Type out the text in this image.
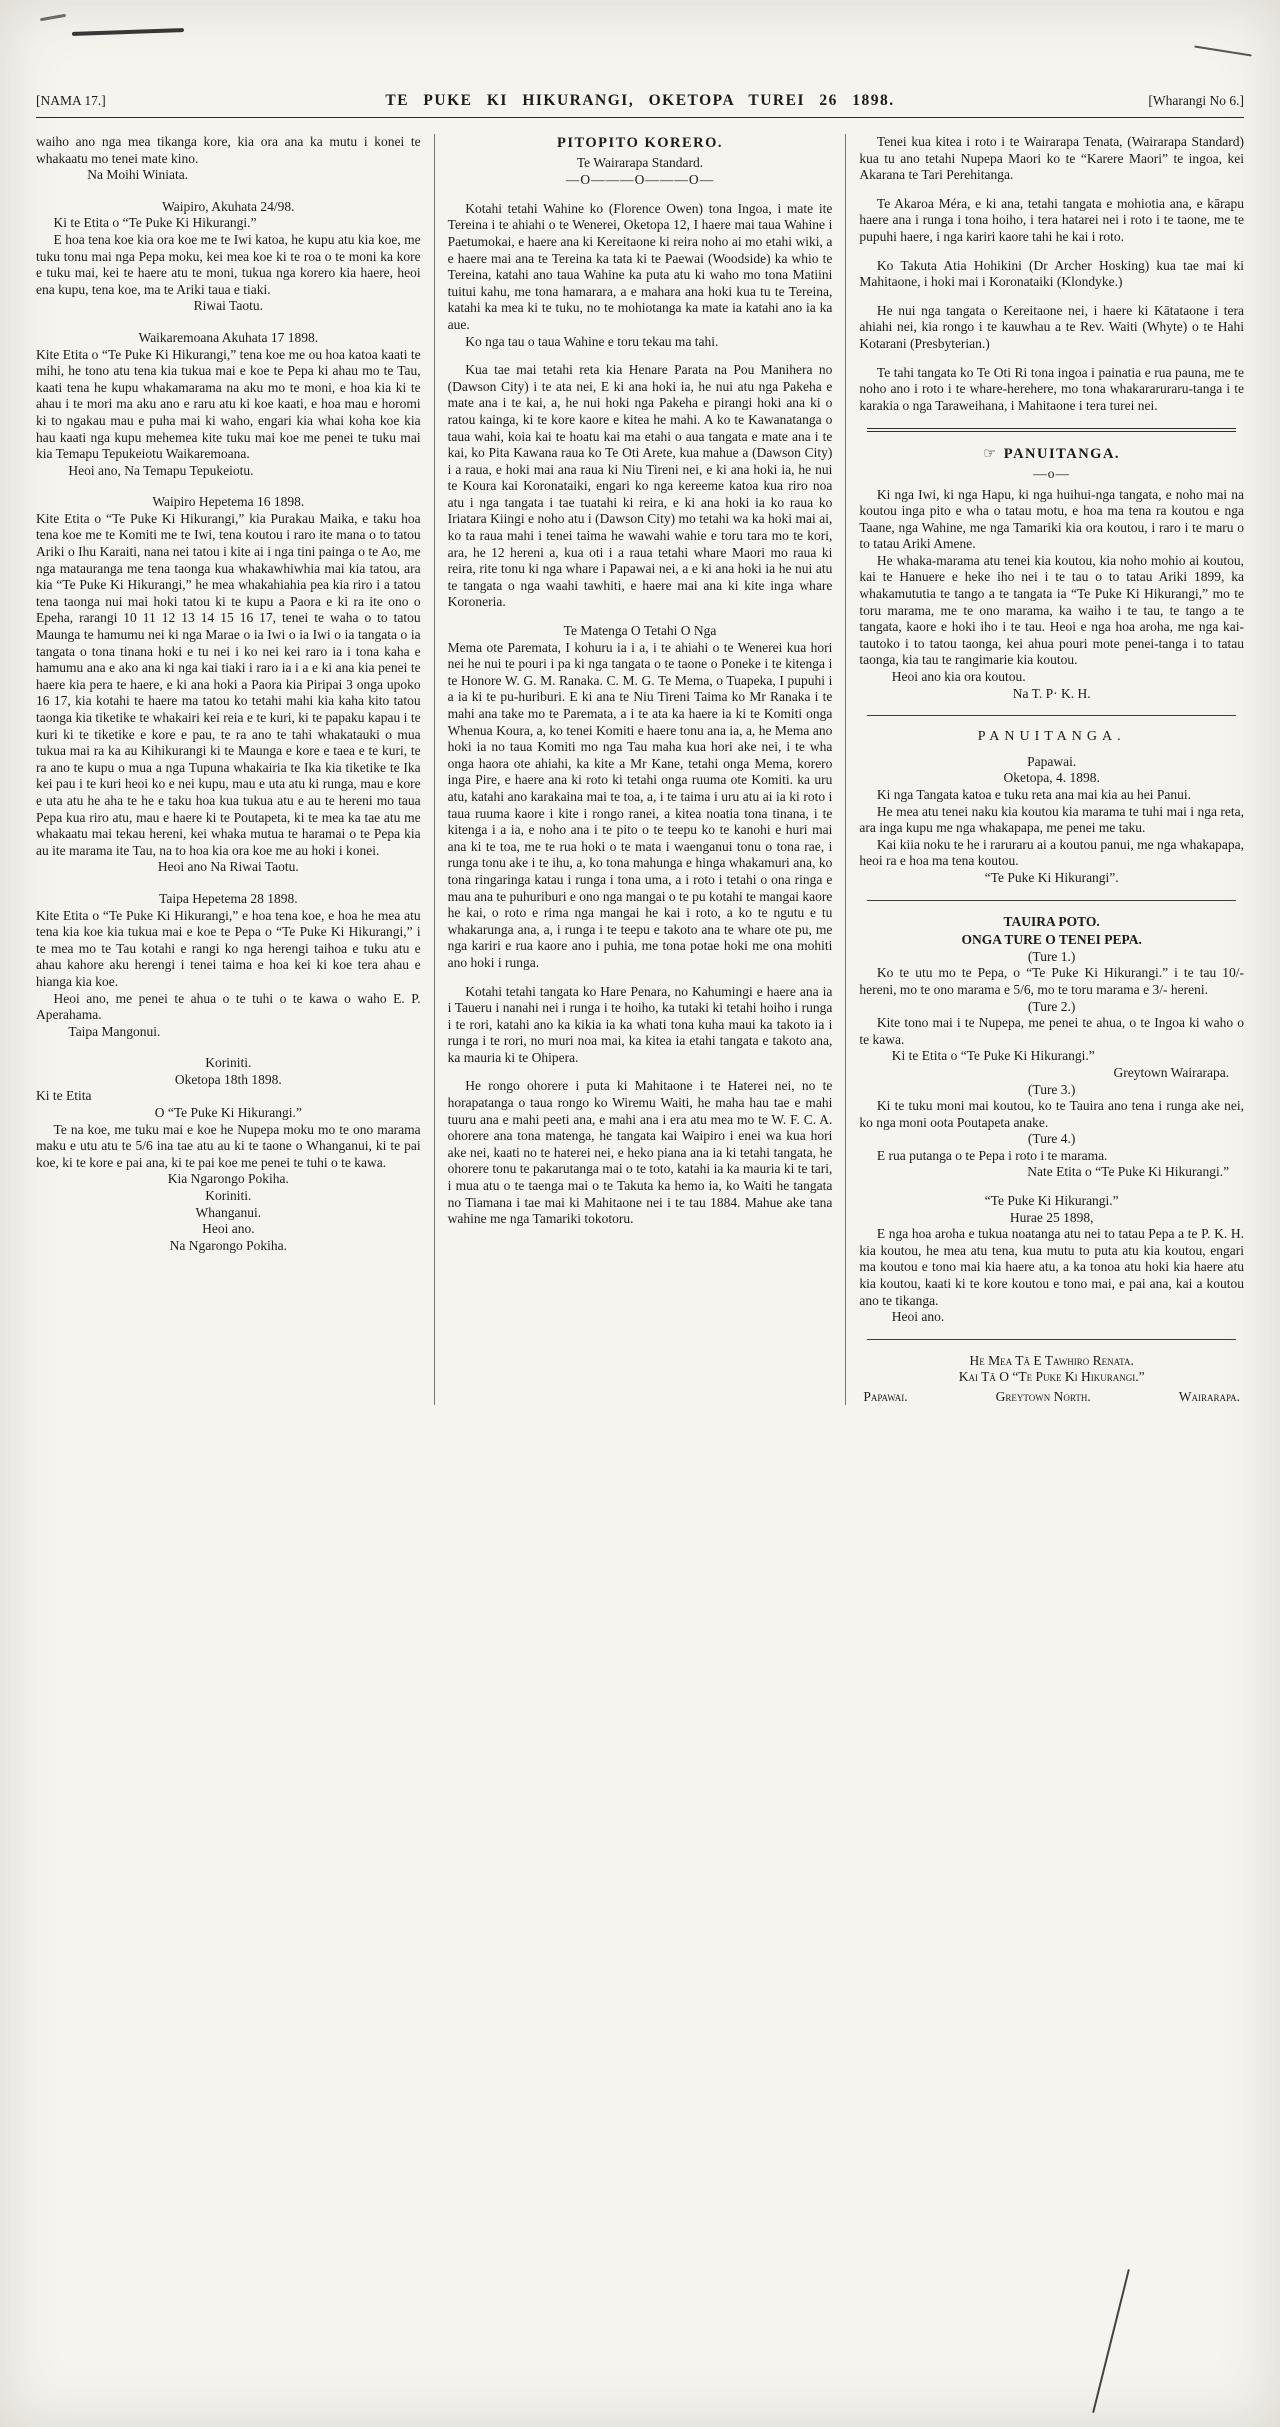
[NAMA 17.]	TE PUKE KI HIKURANGI, OKETOPA TUREI 26 1898.	[Wharangi No 6.]

waiho ano nga mea tikanga kore, kia ora ana ka mutu i konei te whakaatu mo tenei mate kino.

Na Moihi Winiata.

Waipiro, Akuhata 24/98.

Ki te Etita o “Te Puke Ki Hikurangi.”

E hoa tena koe kia ora koe me te Iwi katoa, he kupu atu kia koe, me tuku tonu mai nga Pepa moku, kei mea koe ki te roa o te moni ka kore e tuku mai, kei te haere atu te moni, tukua nga korero kia haere, heoi ena kupu, tena koe, ma te Ariki taua e tiaki.

Riwai Taotu.

Waikaremoana Akuhata 17 1898.

Kite Etita o “Te Puke Ki Hikurangi,” tena koe me ou hoa katoa kaati te mihi, he tono atu tena kia tukua mai e koe te Pepa ki ahau mo te Tau, kaati tena he kupu whakamarama na aku mo te moni, e hoa kia ki te ahau i te mori ma aku ano e raru atu ki koe kaati, e hoa mau e horomi ki to ngakau mau e puha mai ki waho, engari kia whai koha koe kia hau kaati nga kupu mehemea kite tuku mai koe me penei te tuku mai kia Temapu Tepukeiotu Waikaremoana.

Heoi ano, Na Temapu Tepukeiotu.

Waipiro Hepetema 16 1898.

Kite Etita o “Te Puke Ki Hikurangi,” kia Purakau Maika, e taku hoa tena koe me te Komiti me te Iwi, tena koutou i raro ite mana o to tatou Ariki o Ihu Karaiti, nana nei tatou i kite ai i nga tini painga o te Ao, me nga matauranga me tena taonga kua whakawhiwhia mai kia tatou, ara kia “Te Puke Ki Hikurangi,” he mea whakahiahia pea kia riro i a tatou tena taonga nui mai hoki tatou ki te kupu a Paora e ki ra ite ono o Epeha, rarangi 10 11 12 13 14 15 16 17, tenei te waha o to tatou Maunga te hamumu nei ki nga Marae o ia Iwi o ia Iwi o ia tangata o ia tangata o tona tinana hoki e tu nei i ko nei kei raro ia i tona kaha e hamumu ana e ako ana ki nga kai tiaki i raro ia i a e ki ana kia penei te haere kia pera te haere, e ki ana hoki a Paora kia Piripai 3 onga upoko 16 17, kia kotahi te haere ma tatou ko tetahi mahi kia kaha kito tatou taonga kia tiketike te whakairi kei reia e te kuri, ki te papaku kapau i te kuri ki te tiketike e kore e pau, te ra ano te tahi whakatauki o mua tukua mai ra ka au Kihikurangi ki te Maunga e kore e taea e te kuri, te ra ano te kupu o mua a nga Tupuna whakairia te Ika kia tiketike te Ika kei pau i te kuri heoi ko e nei kupu, mau e uta atu ki runga, mau e kore e uta atu he aha te he e taku hoa kua tukua atu e au te hereni mo taua Pepa kua riro atu, mau e haere ki te Poutapeta, ki te mea ka tae atu me whakaatu mai tekau hereni, kei whaka mutua te haramai o te Pepa kia au ite marama ite Tau, na to hoa kia ora koe me au hoki i konei.

Heoi ano Na Riwai Taotu.

Taipa Hepetema 28 1898.

Kite Etita o “Te Puke Ki Hikurangi,” e hoa tena koe, e hoa he mea atu tena kia koe kia tukua mai e koe te Pepa o “Te Puke Ki Hikurangi,” i te mea mo te Tau kotahi e rangi ko nga herengi taihoa e tuku atu e ahau kahore aku herengi i tenei taima e hoa kei ki koe tera ahau e hianga kia koe.

Heoi ano, me penei te ahua o te tuhi o te kawa o waho E. P. Aperahama.

Taipa Mangonui.

Koriniti.

Oketopa 18th 1898.

Ki te Etita

O “Te Puke Ki Hikurangi.”

Te na koe, me tuku mai e koe he Nupepa moku mo te ono marama maku e utu atu te 5/6 ina tae atu au ki te taone o Whanganui, ki te pai koe, ki te kore e pai ana, ki te pai koe me penei te tuhi o te kawa.

Kia Ngarongo Pokiha.

Koriniti.

Whanganui.

Heoi ano.

Na Ngarongo Pokiha.

PITOPITO KORERO.

Te Wairarapa Standard.

—O———O———O—

Kotahi tetahi Wahine ko (Florence Owen) tona Ingoa, i mate ite Tereina i te ahiahi o te Wenerei, Oketopa 12, I haere mai taua Wahine i Paetumokai, e haere ana ki Kereitaone ki reira noho ai mo etahi wiki, a e haere mai ana te Tereina ka tata ki te Paewai (Woodside) ka whio te Tereina, katahi ano taua Wahine ka puta atu ki waho mo tona Matiini tuitui kahu, me tona hamarara, a e mahara ana hoki kua tu te Tereina, katahi ka mea ki te tuku, no te mohiotanga ka mate ia katahi ano ia ka aue.

Ko nga tau o taua Wahine e toru tekau ma tahi.

Kua tae mai tetahi reta kia Henare Parata na Pou Manihera no (Dawson City) i te ata nei, E ki ana hoki ia, he nui atu nga Pakeha e mate ana i te kai, a, he nui hoki nga Pakeha e pirangi hoki ana ki o ratou kainga, ki te kore kaore e kitea he mahi. A ko te Kawanatanga o taua wahi, koia kai te hoatu kai ma etahi o aua tangata e mate ana i te kai, ko Pita Kawana raua ko Te Oti Arete, kua mahue a (Dawson City) i a raua, e hoki mai ana raua ki Niu Tireni nei, e ki ana hoki ia, he nui te Koura kai Koronataiki, engari ko nga kereeme katoa kua riro noa atu i nga tangata i tae tuatahi ki reira, e ki ana hoki ia ko raua ko Iriatara Kiingi e noho atu i (Dawson City) mo tetahi wa ka hoki mai ai, ko ta raua mahi i tenei taima he wawahi wahie e toru tara mo te kori, ara, he 12 hereni a, kua oti i a raua tetahi whare Maori mo raua ki reira, rite tonu ki nga whare i Papawai nei, a e ki ana hoki ia he nui atu te tangata o nga waahi tawhiti, e haere mai ana ki kite inga whare Koroneria.

Te Matenga O Tetahi O Nga

Mema ote Paremata, I kohuru ia i a, i te ahiahi o te Wenerei kua hori nei he nui te pouri i pa ki nga tangata o te taone o Poneke i te kitenga i te Honore W. G. M. Ranaka. C. M. G. Te Mema, o Tuapeka, I pupuhi i a ia ki te pu-huriburi. E ki ana te Niu Tireni Taima ko Mr Ranaka i te mahi ana take mo te Paremata, a i te ata ka haere ia ki te Komiti onga Whenua Koura, a, ko tenei Komiti e haere tonu ana ia, a, he Mema ano hoki ia no taua Komiti mo nga Tau maha kua hori ake nei, i te wha onga haora ote ahiahi, ka kite a Mr Kane, tetahi onga Mema, korero inga Pire, e haere ana ki roto ki tetahi onga ruuma ote Komiti. ka uru atu, katahi ano karakaina mai te toa, a, i te taima i uru atu ai ia ki roto i taua ruuma kaore i kite i rongo ranei, a kitea noatia tona tinana, i te kitenga i a ia, e noho ana i te pito o te teepu ko te kanohi e huri mai ana ki te toa, me te rua hoki o te mata i waenganui tonu o tona rae, i runga tonu ake i te ihu, a, ko tona mahunga e hinga whakamuri ana, ko tona ringaringa katau i runga i tona uma, a i roto i tetahi o ona ringa e mau ana te puhuriburi e ono nga mangai o te pu kotahi te mangai kaore he kai, o roto e rima nga mangai he kai i roto, a ko te ngutu e tu whakarunga ana, a, i runga i te teepu e takoto ana te whare ote pu, me nga kariri e rua kaore ano i puhia, me tona potae hoki me ona mohiti ano hoki i runga.

Kotahi tetahi tangata ko Hare Penara, no Kahumingi e haere ana ia i Taueru i nanahi nei i runga i te hoiho, ka tutaki ki tetahi hoiho i runga i te rori, katahi ano ka kikia ia ka whati tona kuha maui ka takoto ia i runga i te rori, no muri noa mai, ka kitea ia etahi tangata e takoto ana, ka mauria ki te Ohipera.

He rongo ohorere i puta ki Mahitaone i te Haterei nei, no te horapatanga o taua rongo ko Wiremu Waiti, he maha hau tae e mahi tuuru ana e mahi peeti ana, e mahi ana i era atu mea mo te W. F. C. A. ohorere ana tona matenga, he tangata kai Waipiro i enei wa kua hori ake nei, kaati no te haterei nei, e heko piana ana ia ki tetahi tangata, he ohorere tonu te pakarutanga mai o te toto, katahi ia ka mauria ki te tari, i mua atu o te taenga mai o te Takuta ka hemo ia, ko Waiti he tangata no Tiamana i tae mai ki Mahitaone nei i te tau 1884. Mahue ake tana wahine me nga Tamariki tokotoru.

Tenei kua kitea i roto i te Wairarapa Tenata, (Wairarapa Standard) kua tu ano tetahi Nupepa Maori ko te “Karere Maori” te ingoa, kei Akarana te Tari Perehitanga.

Te Akaroa Méra, e ki ana, tetahi tangata e mohiotia ana, e kārapu haere ana i runga i tona hoiho, i tera hatarei nei i roto i te taone, me te pupuhi haere, i nga kariri kaore tahi he kai i roto.

Ko Takuta Atia Hohikini (Dr Archer Hosking) kua tae mai ki Mahitaone, i hoki mai i Koronataiki (Klondyke.)

He nui nga tangata o Kereitaone nei, i haere ki Kātataone i tera ahiahi nei, kia rongo i te kauwhau a te Rev. Waiti (Whyte) o te Hahi Kotarani (Presbyterian.)

Te tahi tangata ko Te Oti Ri tona ingoa i painatia e rua pauna, me te noho ano i roto i te whare-herehere, mo tona whakararuraru-tanga i te karakia o nga Taraweihana, i Mahitaone i tera turei nei.

☞ PANUITANGA.

—o—

Ki nga Iwi, ki nga Hapu, ki nga huihui-nga tangata, e noho mai na koutou inga pito e wha o tatau motu, e hoa ma tena ra koutou e nga Taane, nga Wahine, me nga Tamariki kia ora koutou, i raro i te maru o to tatau Ariki Amene.

He whaka-marama atu tenei kia koutou, kia noho mohio ai koutou, kai te Hanuere e heke iho nei i te tau o to tatau Ariki 1899, ka whakamututia te tango a te tangata ia “Te Puke Ki Hikurangi,” mo te toru marama, me te ono marama, ka waiho i te tau, te tango a te tangata, kaore e hoki iho i te tau. Heoi e nga hoa aroha, me nga kai-tautoko i to tatou taonga, kei ahua pouri mote penei-tanga i to tatau taonga, kia tau te rangimarie kia koutou.

Heoi ano kia ora koutou.

Na T. P· K. H.

PANUITANGA.

Papawai.

Oketopa, 4. 1898.

Ki nga Tangata katoa e tuku reta ana mai kia au hei Panui.

He mea atu tenei naku kia koutou kia marama te tuhi mai i nga reta, ara inga kupu me nga whakapapa, me penei me taku.

Kai kiia noku te he i raruraru ai a koutou panui, me nga whakapapa, heoi ra e hoa ma tena koutou.

“Te Puke Ki Hikurangi”.

TAUIRA POTO.

ONGA TURE O TENEI PEPA.

(Ture 1.)

Ko te utu mo te Pepa, o “Te Puke Ki Hikurangi.” i te tau 10/- hereni, mo te ono marama e 5/6, mo te toru marama e 3/- hereni.

(Ture 2.)

Kite tono mai i te Nupepa, me penei te ahua, o te Ingoa ki waho o te kawa.

Ki te Etita o “Te Puke Ki Hikurangi.”

Greytown Wairarapa.

(Ture 3.)

Ki te tuku moni mai koutou, ko te Tauira ano tena i runga ake nei, ko nga moni oota Poutapeta anake.

(Ture 4.)

E rua putanga o te Pepa i roto i te marama.

Nate Etita o “Te Puke Ki Hikurangi.”

“Te Puke Ki Hikurangi.”

Hurae 25 1898,

E nga hoa aroha e tukua noatanga atu nei to tatau Pepa a te P. K. H. kia koutou, he mea atu tena, kua mutu to puta atu kia koutou, engari ma koutou e tono mai kia haere atu, a ka tonoa atu hoki kia haere atu kia koutou, kaati ki te kore koutou e tono mai, e pai ana, kai a koutou ano te tikanga.

Heoi ano.

He Mea Tā E Tawhiro Renata.

Kai Tā O “Te Puke Ki Hikurangi.”

Papawai.	Greytown North.	Wairarapa.
